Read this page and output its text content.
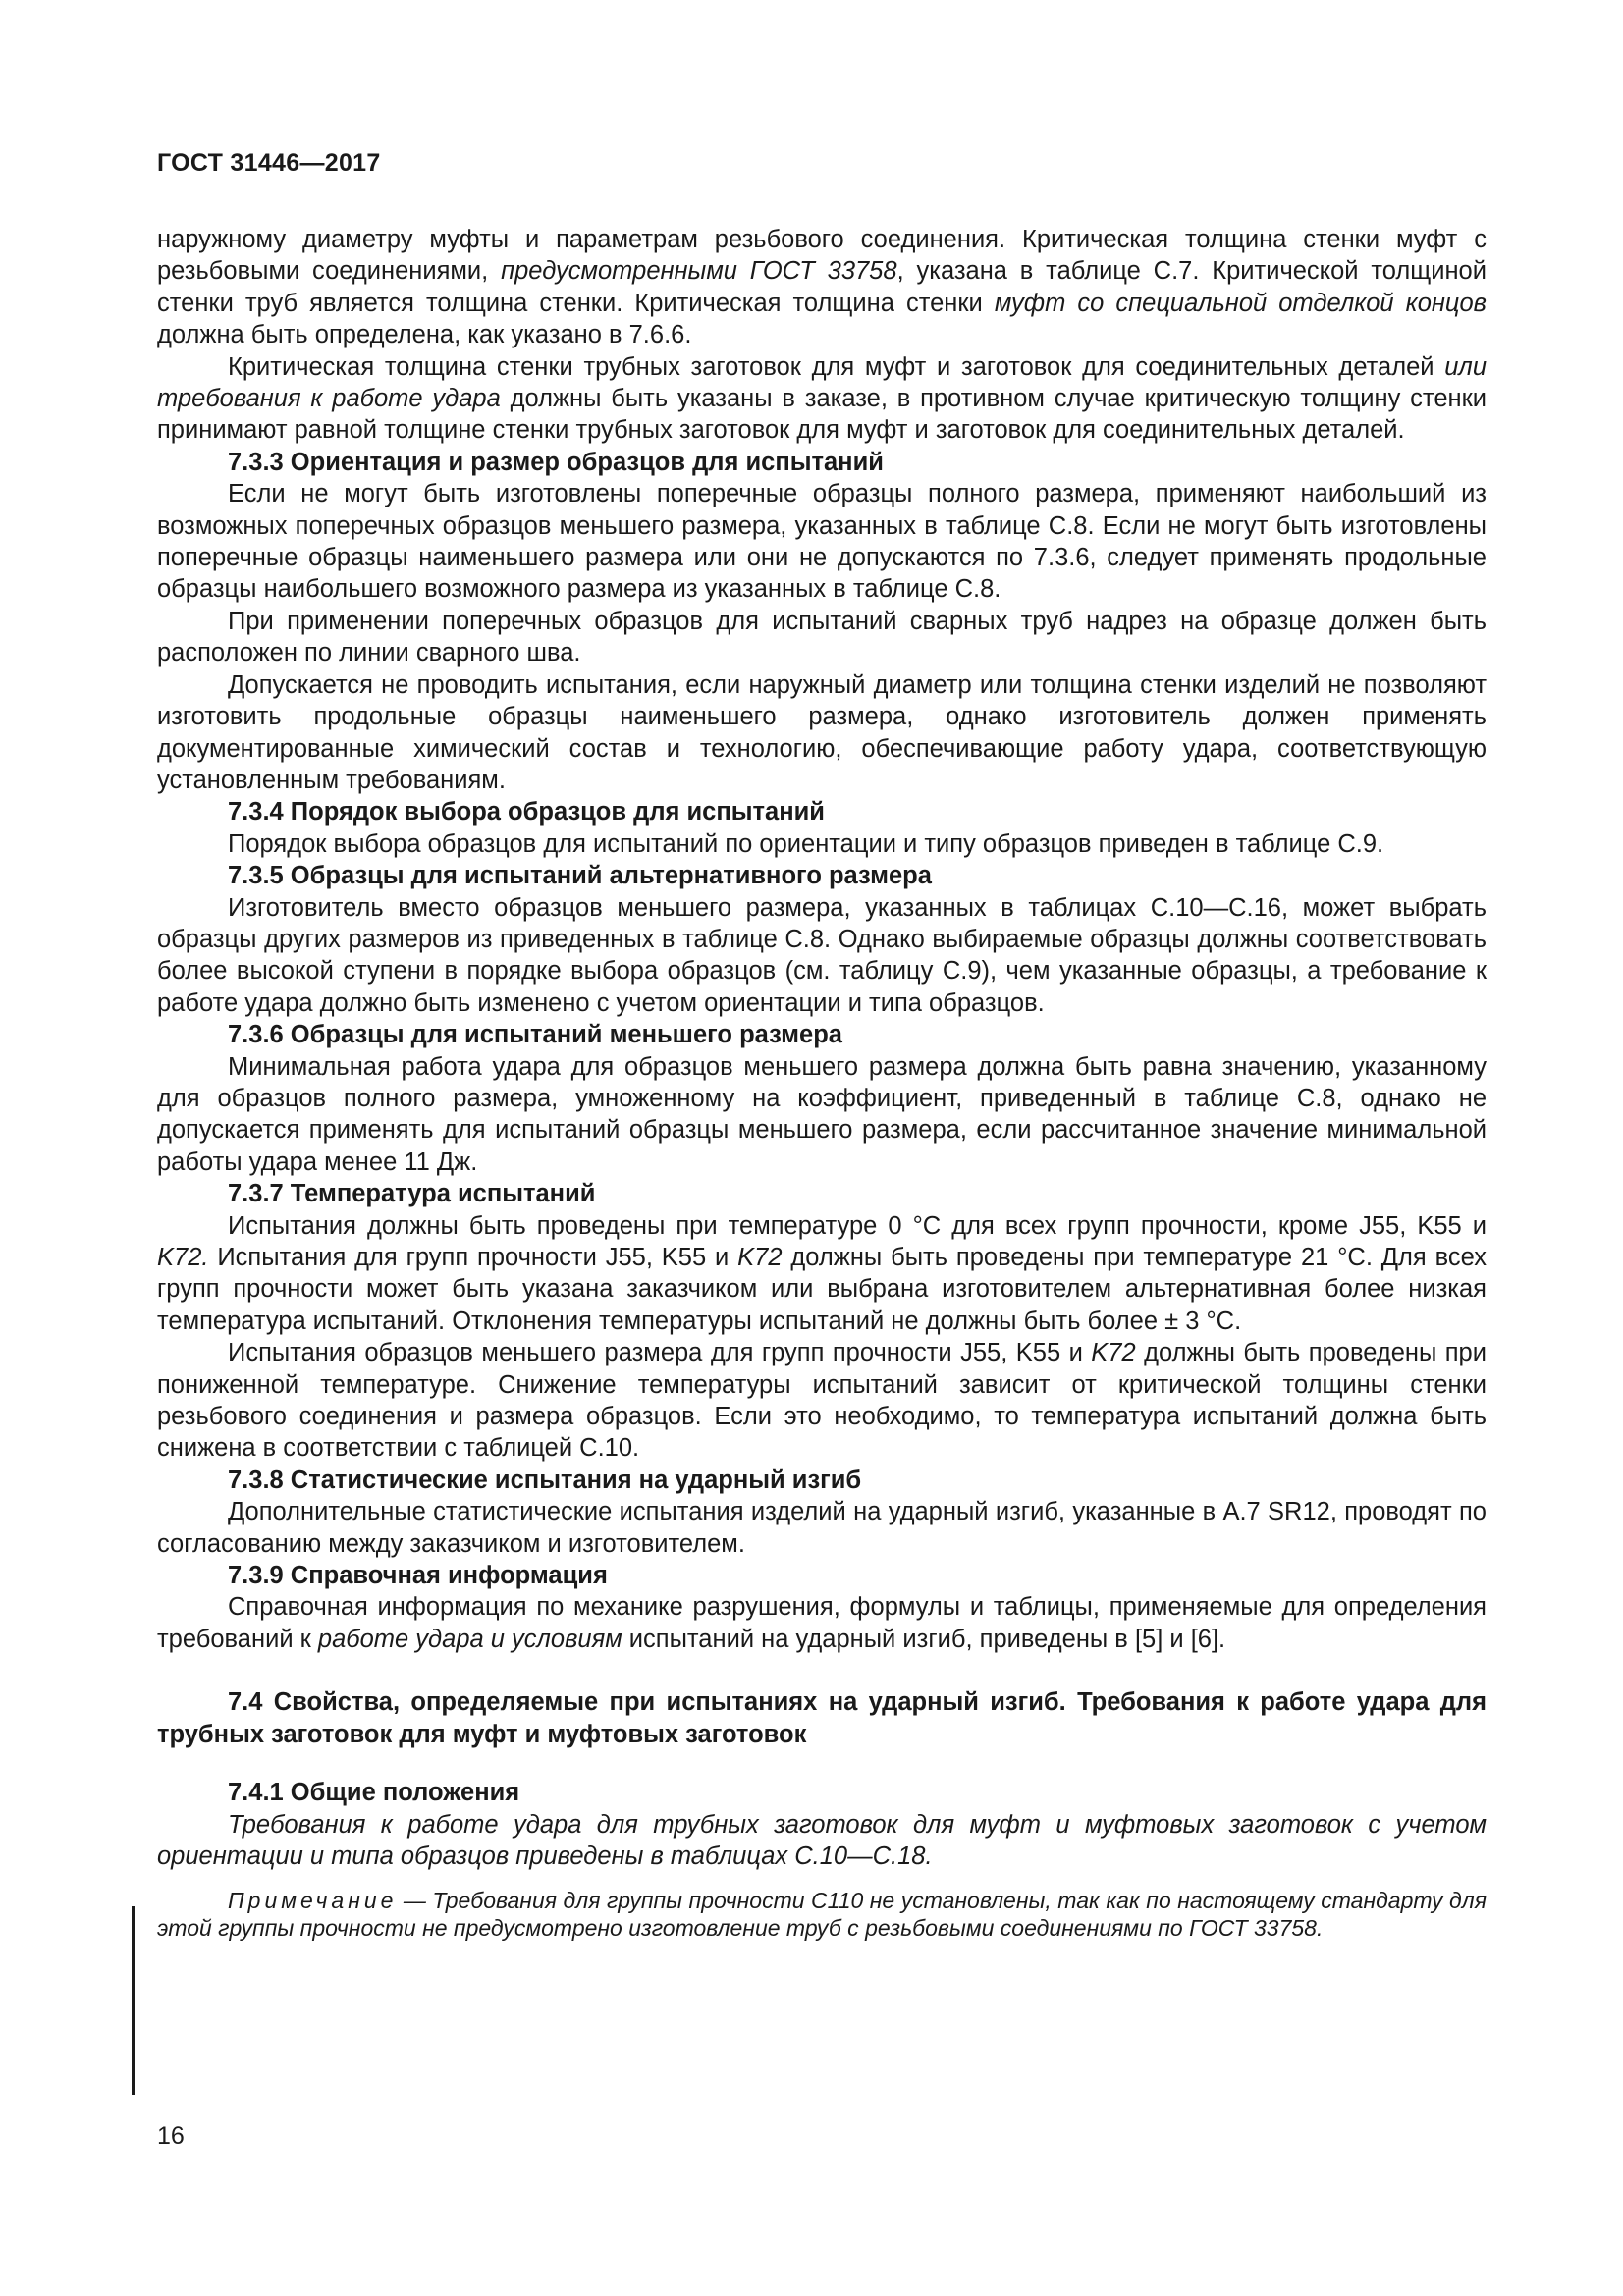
ГОСТ 31446—2017

наружному диаметру муфты и параметрам резьбового соединения. Критическая толщина стенки муфт с резьбовыми соединениями, предусмотренными ГОСТ 33758, указана в таблице С.7. Критической толщиной стенки труб является толщина стенки. Критическая толщина стенки муфт со специальной отделкой концов должна быть определена, как указано в 7.6.6.

Критическая толщина стенки трубных заготовок для муфт и заготовок для соединительных деталей или требования к работе удара должны быть указаны в заказе, в противном случае критическую толщину стенки принимают равной толщине стенки трубных заготовок для муфт и заготовок для соединительных деталей.

7.3.3 Ориентация и размер образцов для испытаний

Если не могут быть изготовлены поперечные образцы полного размера, применяют наибольший из возможных поперечных образцов меньшего размера, указанных в таблице С.8. Если не могут быть изготовлены поперечные образцы наименьшего размера или они не допускаются по 7.3.6, следует применять продольные образцы наибольшего возможного размера из указанных в таблице С.8.

При применении поперечных образцов для испытаний сварных труб надрез на образце должен быть расположен по линии сварного шва.

Допускается не проводить испытания, если наружный диаметр или толщина стенки изделий не позволяют изготовить продольные образцы наименьшего размера, однако изготовитель должен применять документированные химический состав и технологию, обеспечивающие работу удара, соответствующую установленным требованиям.

7.3.4 Порядок выбора образцов для испытаний

Порядок выбора образцов для испытаний по ориентации и типу образцов приведен в таблице С.9.

7.3.5 Образцы для испытаний альтернативного размера

Изготовитель вместо образцов меньшего размера, указанных в таблицах С.10—С.16, может выбрать образцы других размеров из приведенных в таблице С.8. Однако выбираемые образцы должны соответствовать более высокой ступени в порядке выбора образцов (см. таблицу С.9), чем указанные образцы, а требование к работе удара должно быть изменено с учетом ориентации и типа образцов.

7.3.6 Образцы для испытаний меньшего размера

Минимальная работа удара для образцов меньшего размера должна быть равна значению, указанному для образцов полного размера, умноженному на коэффициент, приведенный в таблице С.8, однако не допускается применять для испытаний образцы меньшего размера, если рассчитанное значение минимальной работы удара менее 11 Дж.

7.3.7 Температура испытаний

Испытания должны быть проведены при температуре 0 °С для всех групп прочности, кроме J55, K55 и K72. Испытания для групп прочности J55, K55 и K72 должны быть проведены при температуре 21 °С. Для всех групп прочности может быть указана заказчиком или выбрана изготовителем альтернативная более низкая температура испытаний. Отклонения температуры испытаний не должны быть более ± 3 °С.

Испытания образцов меньшего размера для групп прочности J55, K55 и K72 должны быть проведены при пониженной температуре. Снижение температуры испытаний зависит от критической толщины стенки резьбового соединения и размера образцов. Если это необходимо, то температура испытаний должна быть снижена в соответствии с таблицей С.10.

7.3.8 Статистические испытания на ударный изгиб

Дополнительные статистические испытания изделий на ударный изгиб, указанные в А.7 SR12, проводят по согласованию между заказчиком и изготовителем.

7.3.9 Справочная информация

Справочная информация по механике разрушения, формулы и таблицы, применяемые для определения требований к работе удара и условиям испытаний на ударный изгиб, приведены в [5] и [6].

7.4 Свойства, определяемые при испытаниях на ударный изгиб. Требования к работе удара для трубных заготовок для муфт и муфтовых заготовок

7.4.1 Общие положения

Требования к работе удара для трубных заготовок для муфт и муфтовых заготовок с учетом ориентации и типа образцов приведены в таблицах С.10—С.18.

Примечание — Требования для группы прочности С110 не установлены, так как по настоящему стандарту для этой группы прочности не предусмотрено изготовление труб с резьбовыми соединениями по ГОСТ 33758.

16
